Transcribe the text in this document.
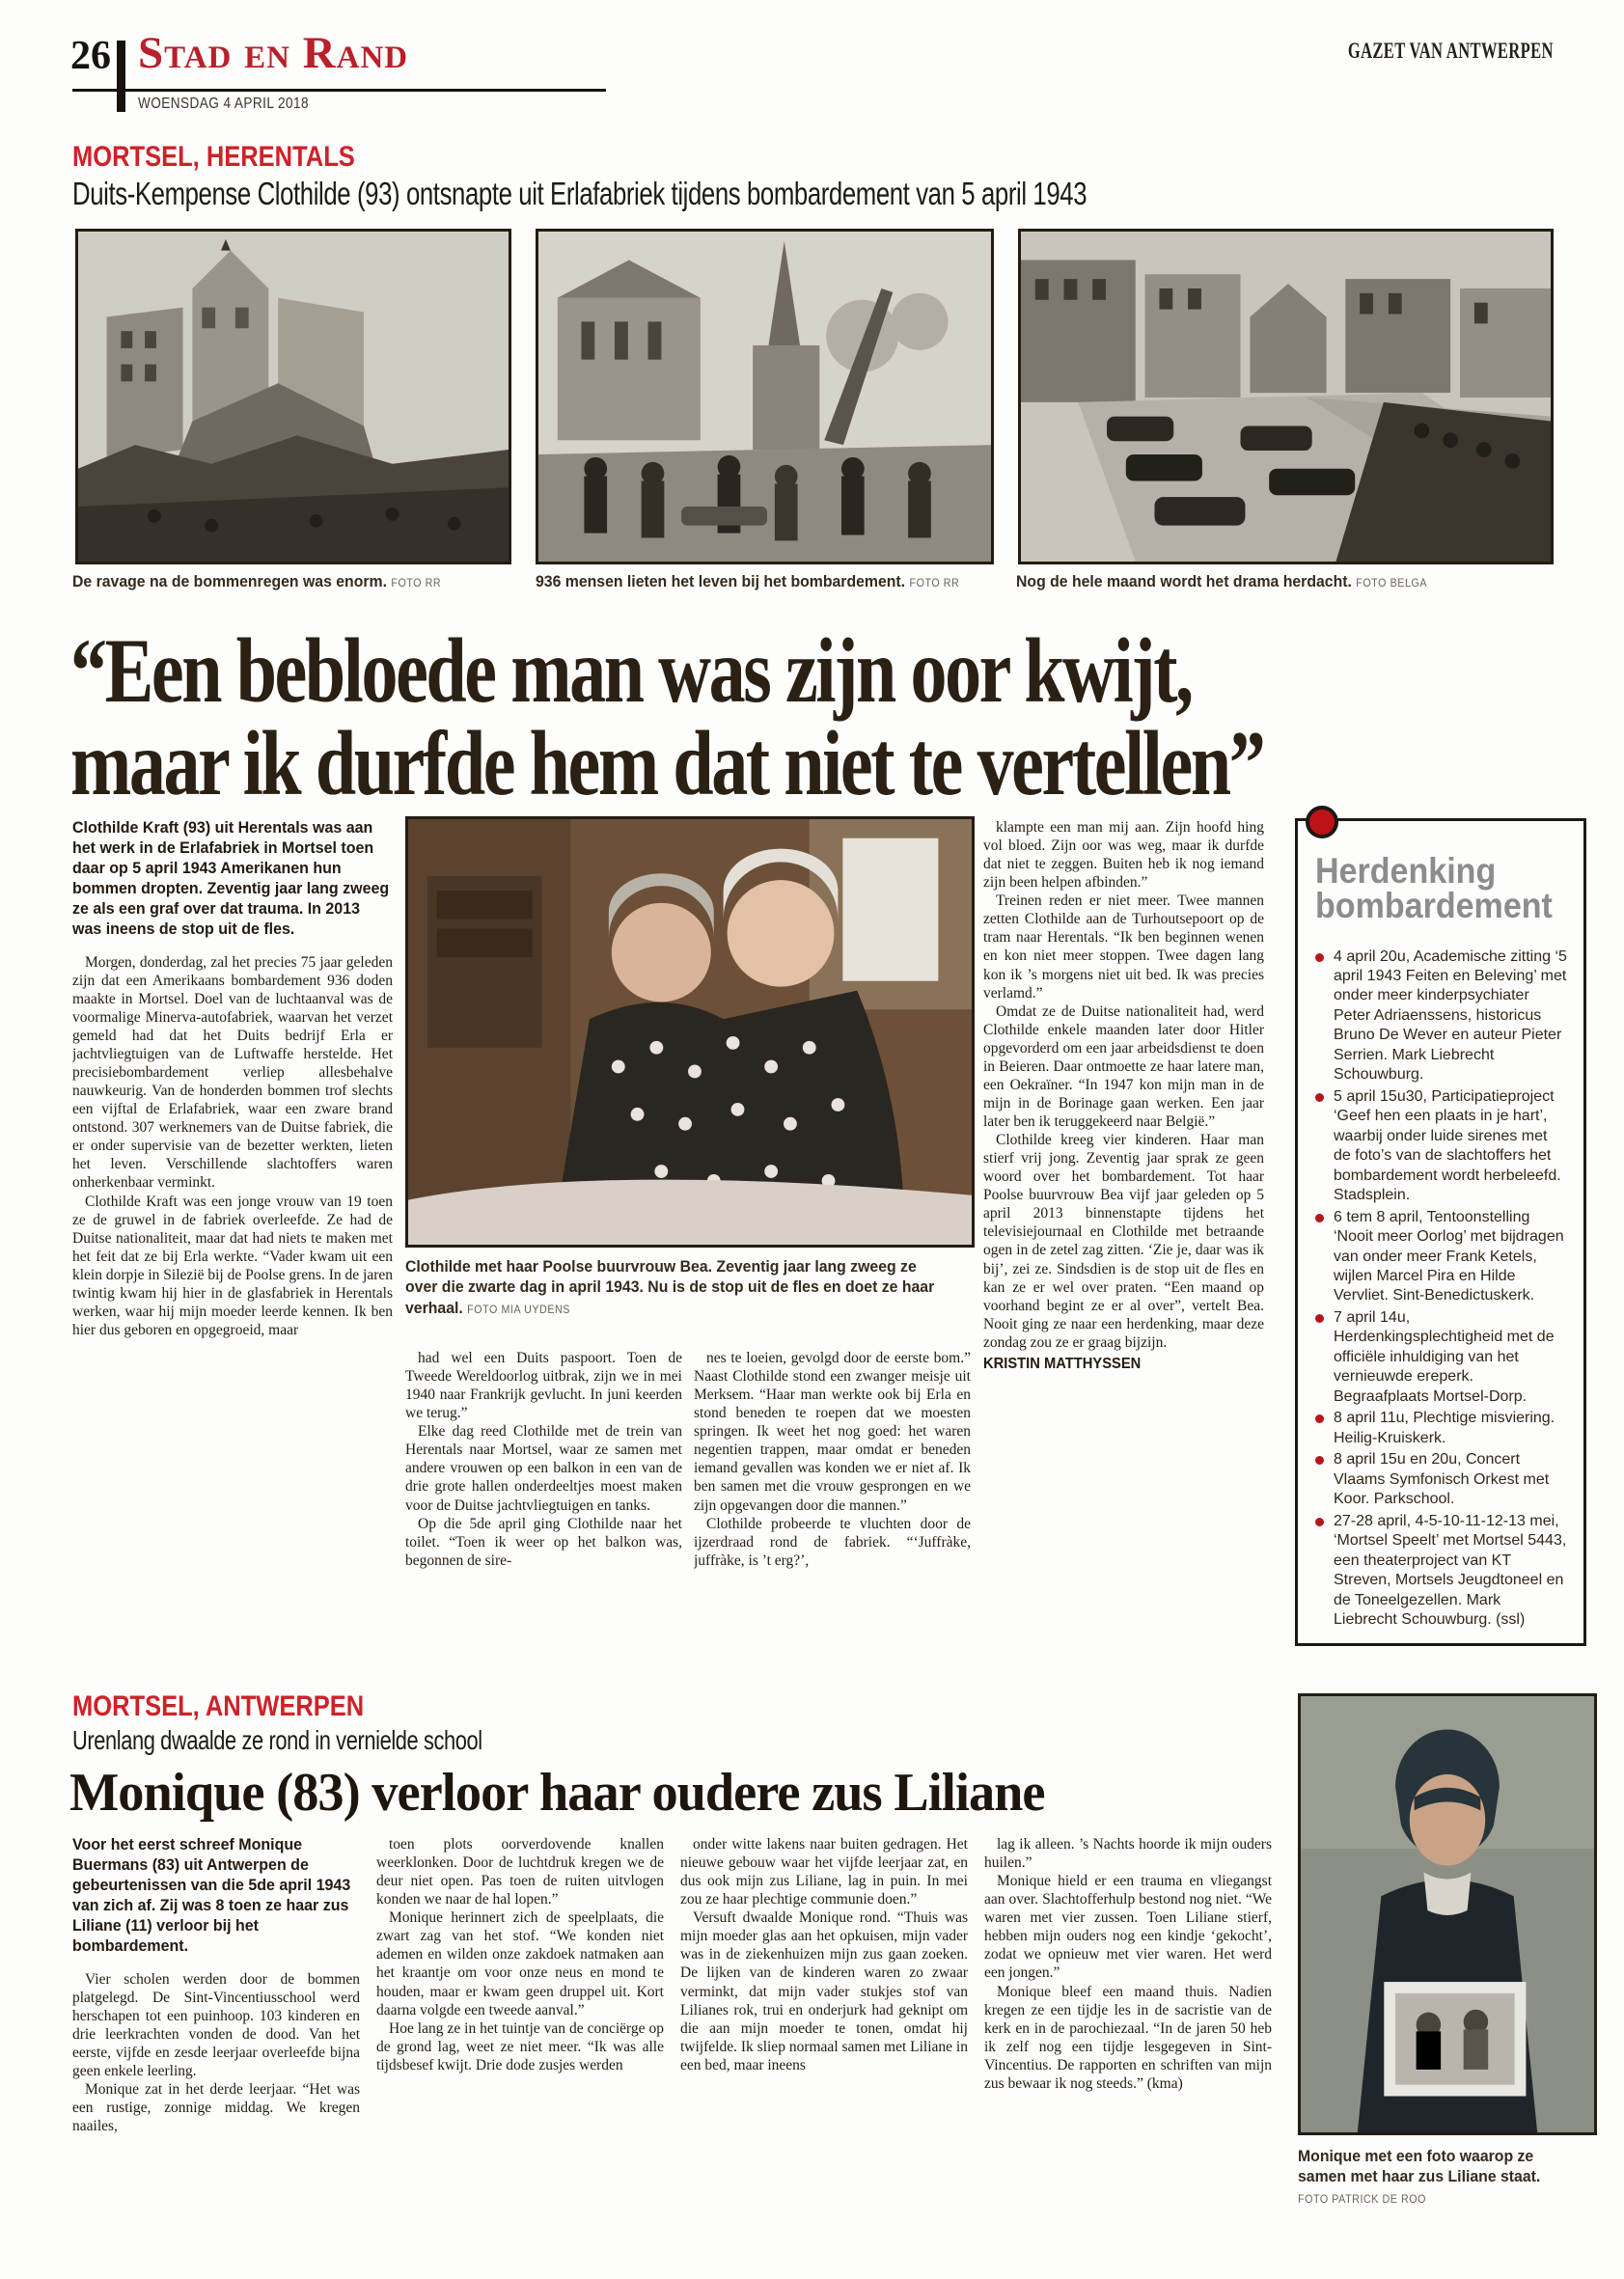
26 Stad en Rand
WOENSDAG 4 APRIL 2018
GAZET VAN ANTWERPEN
MORTSEL, HERENTALS
Duits-Kempense Clothilde (93) ontsnapte uit Erlafabriek tijdens bombardement van 5 april 1943
De ravage na de bommenregen was enorm. FOTO RR	936 mensen lieten het leven bij het bombardement. FOTO RR	Nog de hele maand wordt het drama herdacht. FOTO BELGA
“Een bebloede man was zijn oor kwijt,
maar ik durfde hem dat niet te vertellen”

Clothilde Kraft (93) uit Herentals was aan het werk in de Erlafabriek in Mortsel toen daar op 5 april 1943 Amerikanen hun bommen dropten. Zeventig jaar lang zweeg ze als een graf over dat trauma. In 2013 was ineens de stop uit de fles.

Morgen, donderdag, zal het precies 75 jaar geleden zijn dat een Amerikaans bombardement 936 doden maakte in Mortsel. Doel van de luchtaanval was de voormalige Minerva-autofabriek, waarvan het verzet gemeld had dat het Duits bedrijf Erla er jachtvliegtuigen van de Luftwaffe herstelde. Het precisiebombardement verliep allesbehalve nauwkeurig. Van de honderden bommen trof slechts een vijftal de Erlafabriek, waar een zware brand ontstond. 307 werknemers van de Duitse fabriek, die er onder supervisie van de bezetter werkten, lieten het leven. Verschillende slachtoffers waren onherkenbaar verminkt.

Clothilde Kraft was een jonge vrouw van 19 toen ze de gruwel in de fabriek overleefde. Ze had de Duitse nationaliteit, maar dat had niets te maken met het feit dat ze bij Erla werkte. “Vader kwam uit een klein dorpje in Silezië bij de Poolse grens. In de jaren twintig kwam hij hier in de glasfabriek in Herentals werken, waar hij mijn moeder leerde kennen. Ik ben hier dus geboren en opgegroeid, maar

Clothilde met haar Poolse buurvrouw Bea. Zeventig jaar lang zweeg ze over die zwarte dag in april 1943. Nu is de stop uit de fles en doet ze haar verhaal. FOTO MIA UYDENS

had wel een Duits paspoort. Toen de Tweede Wereldoorlog uitbrak, zijn we in mei 1940 naar Frankrijk gevlucht. In juni keerden we terug.”

Elke dag reed Clothilde met de trein van Herentals naar Mortsel, waar ze samen met andere vrouwen op een balkon in een van de drie grote hallen onderdeeltjes moest maken voor de Duitse jachtvliegtuigen en tanks.

Op die 5de april ging Clothilde naar het toilet. “Toen ik weer op het balkon was, begonnen de sire-

nes te loeien, gevolgd door de eerste bom.” Naast Clothilde stond een zwanger meisje uit Merksem. “Haar man werkte ook bij Erla en stond beneden te roepen dat we moesten springen. Ik weet het nog goed: het waren negentien trappen, maar omdat er beneden iemand gevallen was konden we er niet af. Ik ben samen met die vrouw gesprongen en we zijn opgevangen door die mannen.”

Clothilde probeerde te vluchten door de ijzerdraad rond de fabriek. “‘Juffràke, juffràke, is ’t erg?’,

klampte een man mij aan. Zijn hoofd hing vol bloed. Zijn oor was weg, maar ik durfde dat niet te zeggen. Buiten heb ik nog iemand zijn been helpen afbinden.”

Treinen reden er niet meer. Twee mannen zetten Clothilde aan de Turhoutsepoort op de tram naar Herentals. “Ik ben beginnen wenen en kon niet meer stoppen. Twee dagen lang kon ik ’s morgens niet uit bed. Ik was precies verlamd.”

Omdat ze de Duitse nationaliteit had, werd Clothilde enkele maanden later door Hitler opgevorderd om een jaar arbeidsdienst te doen in Beieren. Daar ontmoette ze haar latere man, een Oekraïner. “In 1947 kon mijn man in de mijn in de Borinage gaan werken. Een jaar later ben ik teruggekeerd naar België.”

Clothilde kreeg vier kinderen. Haar man stierf vrij jong. Zeventig jaar sprak ze geen woord over het bombardement. Tot haar Poolse buurvrouw Bea vijf jaar geleden op 5 april 2013 binnenstapte tijdens het televisiejournaal en Clothilde met betraande ogen in de zetel zag zitten. ‘Zie je, daar was ik bij’, zei ze. Sindsdien is de stop uit de fles en kan ze er wel over praten. “Een maand op voorhand begint ze er al over”, vertelt Bea. Nooit ging ze naar een herdenking, maar deze zondag zou ze er graag bijzijn.

KRISTIN MATTHYSSEN

Herdenking
bombardement
4 april 20u, Academische zitting ‘5 april 1943 Feiten en Beleving’ met onder meer kinderpsychiater Peter Adriaenssens, historicus Bruno De Wever en auteur Pieter Serrien. Mark Liebrecht Schouwburg.
5 april 15u30, Participatieproject ‘Geef hen een plaats in je hart’, waarbij onder luide sirenes met de foto’s van de slachtoffers het bombardement wordt herbeleefd. Stadsplein.
6 tem 8 april, Tentoonstelling ‘Nooit meer Oorlog’ met bijdragen van onder meer Frank Ketels, wijlen Marcel Pira en Hilde Vervliet. Sint-Benedictuskerk.
7 april 14u, Herdenkingsplechtigheid met de officiële inhuldiging van het vernieuwde ereperk. Begraafplaats Mortsel-Dorp.
8 april 11u, Plechtige misviering. Heilig-Kruiskerk.
8 april 15u en 20u, Concert Vlaams Symfonisch Orkest met Koor. Parkschool.
27-28 april, 4-5-10-11-12-13 mei, ‘Mortsel Speelt’ met Mortsel 5443, een theaterproject van KT Streven, Mortsels Jeugdtoneel en de Toneelgezellen. Mark Liebrecht Schouwburg. (ssl)
MORTSEL, ANTWERPEN
Urenlang dwaalde ze rond in vernielde school
Monique (83) verloor haar oudere zus Liliane

Voor het eerst schreef Monique Buermans (83) uit Antwerpen de gebeurtenissen van die 5de april 1943 van zich af. Zij was 8 toen ze haar zus Liliane (11) verloor bij het bombardement.

Vier scholen werden door de bommen platgelegd. De Sint-Vincentiusschool werd herschapen tot een puinhoop. 103 kinderen en drie leerkrachten vonden de dood. Van het eerste, vijfde en zesde leerjaar overleefde bijna geen enkele leerling.

Monique zat in het derde leerjaar. “Het was een rustige, zonnige middag. We kregen naailes,

toen plots oorverdovende knallen weerklonken. Door de luchtdruk kregen we de deur niet open. Pas toen de ruiten uitvlogen konden we naar de hal lopen.”

Monique herinnert zich de speelplaats, die zwart zag van het stof. “We konden niet ademen en wilden onze zakdoek natmaken aan het kraantje om voor onze neus en mond te houden, maar er kwam geen druppel uit. Kort daarna volgde een tweede aanval.”

Hoe lang ze in het tuintje van de conciërge op de grond lag, weet ze niet meer. “Ik was alle tijdsbesef kwijt. Drie dode zusjes werden

onder witte lakens naar buiten gedragen. Het nieuwe gebouw waar het vijfde leerjaar zat, en dus ook mijn zus Liliane, lag in puin. In mei zou ze haar plechtige communie doen.”

Versuft dwaalde Monique rond. “Thuis was mijn moeder glas aan het opkuisen, mijn vader was in de ziekenhuizen mijn zus gaan zoeken. De lijken van de kinderen waren zo zwaar verminkt, dat mijn vader stukjes stof van Lilianes rok, trui en onderjurk had geknipt om die aan mijn moeder te tonen, omdat hij twijfelde. Ik sliep normaal samen met Liliane in een bed, maar ineens

lag ik alleen. ’s Nachts hoorde ik mijn ouders huilen.”

Monique hield er een trauma en vliegangst aan over. Slachtofferhulp bestond nog niet. “We waren met vier zussen. Toen Liliane stierf, hebben mijn ouders nog een kindje ‘gekocht’, zodat we opnieuw met vier waren. Het werd een jongen.”

Monique bleef een maand thuis. Nadien kregen ze een tijdje les in de sacristie van de kerk en in de parochiezaal. “In de jaren 50 heb ik zelf nog een tijdje lesgegeven in Sint-Vincentius. De rapporten en schriften van mijn zus bewaar ik nog steeds.” (kma)

Monique met een foto waarop ze samen met haar zus Liliane staat.
FOTO PATRICK DE ROO
